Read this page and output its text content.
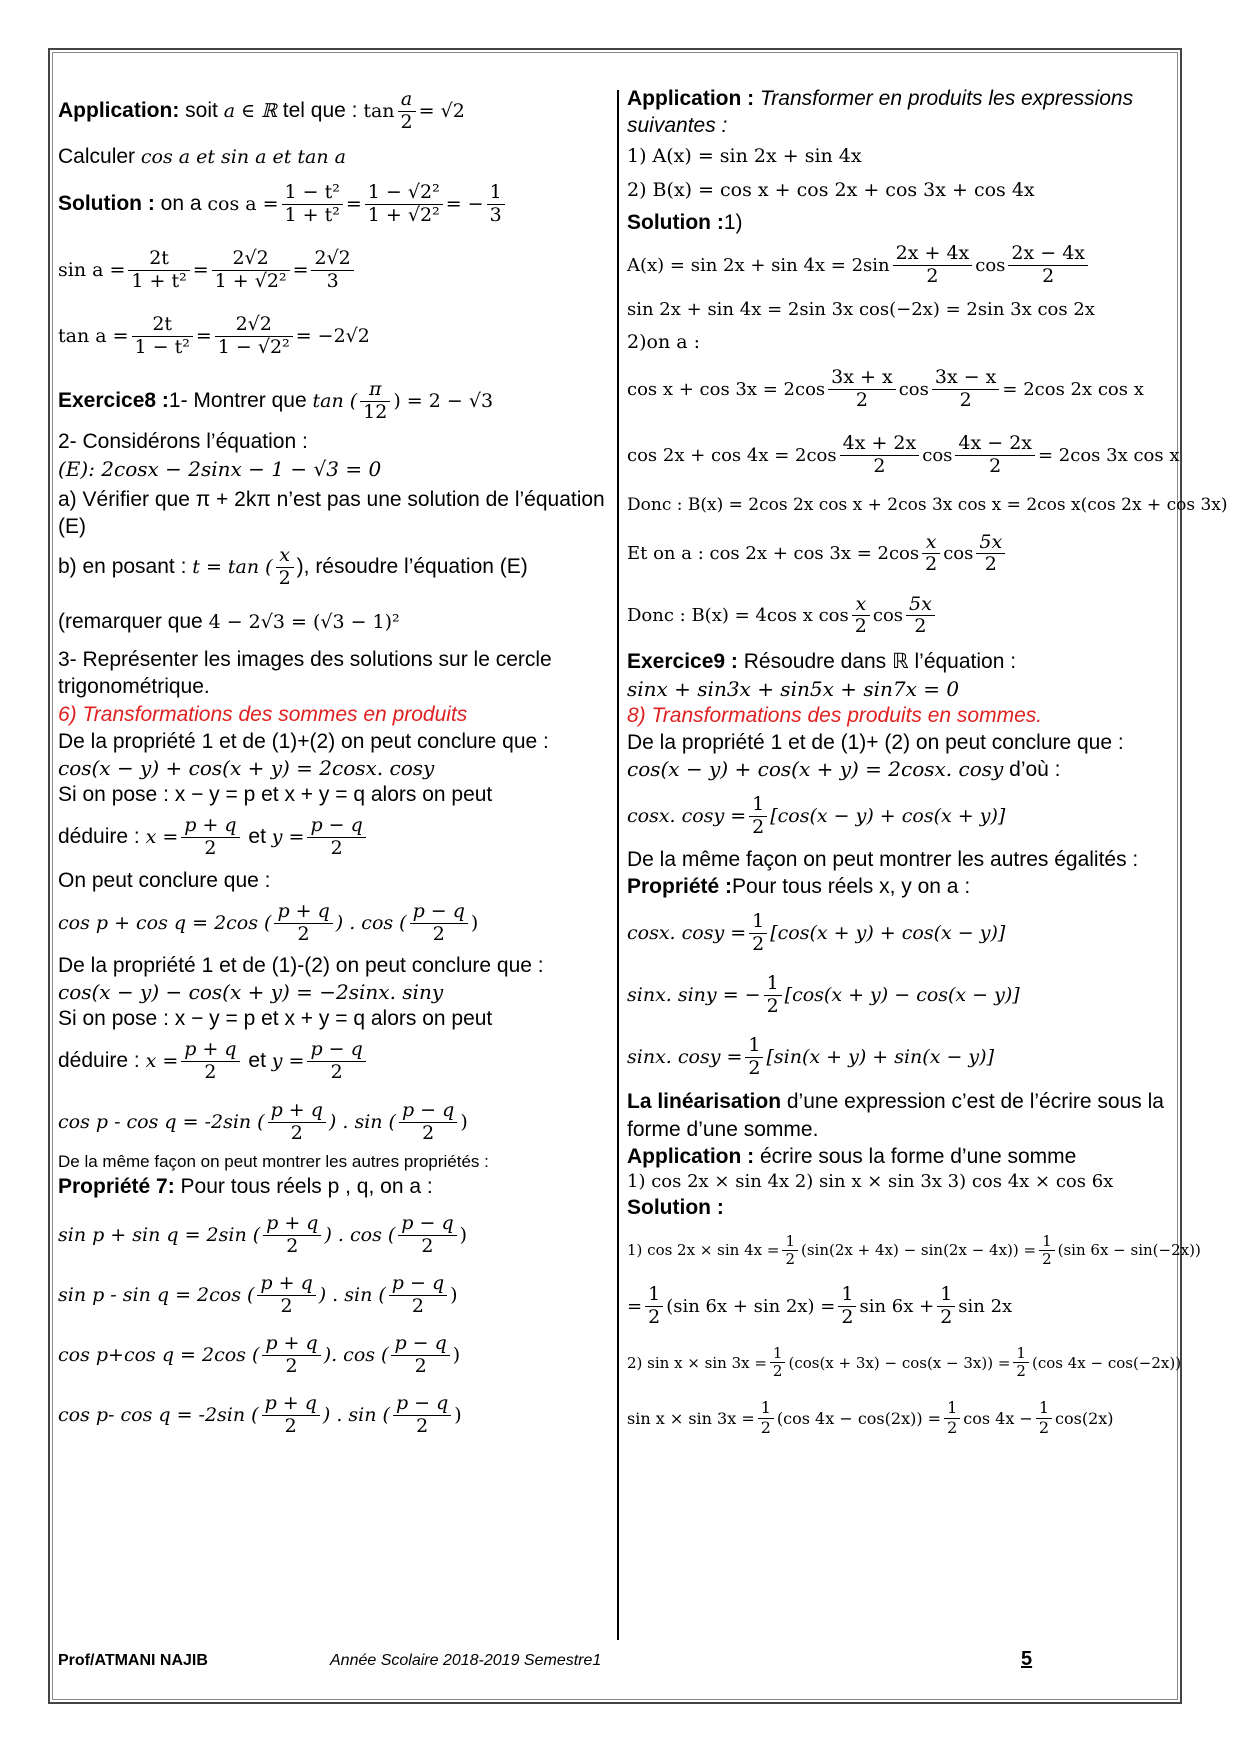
Application: soit a ∈ ℝ tel que : $\tan \frac{a}{2} = √2$
Calculer cos a et sin a et tan a
Solution : on a $\cos a = \frac{\text{1 − t²}}{\text{1 + t²}} = \frac{\text{1 − √2²}}{\text{1 + √2²}}$ = − $\frac{1}{3}$
$\sin a = \frac{2t}{\text{1 + t²}} = \frac{2√2}{\text{1 + √2²}} = \frac{2√2}{3}$
$\tan a = \frac{2t}{\text{1 − t²}} = \frac{2√2}{\text{1 − √2²}} = -2√2$
Exercice8 :1- Montrer que tan ( $\frac{\pi}{12}$ ) = 2 − √3
2- Considérons l’équation :
(E): 2cosx − 2sinx − 1 − √3 = 0
a) Vérifier que π + 2kπ n’est pas une solution de l’équation (E)
b) en posant : t = tan ( $\frac{x}{2}$ ), résoudre l’équation (E)
(remarquer que 4 − 2√3 = (√3 − 1)²
3- Représenter les images des solutions sur le cercle trigonométrique.
6) Transformations des sommes en produits
De la propriété 1 et de (1)+(2) on peut conclure que :
cos(x − y) + cos(x + y) = 2cosx. cosy
Si on pose : x − y = p et x + y = q alors on peut
déduire : $x = \frac{p + q}{2}$ et $y = \frac{p - q}{2}$
On peut conclure que :
cos p + cos q = 2cos ( $\frac{p + q}{2}$ ) . cos ( $\frac{p - q}{2}$ )
De la propriété 1 et de (1)-(2) on peut conclure que :
cos(x − y) − cos(x + y) = −2sinx. siny
Si on pose : x − y = p et x + y = q alors on peut
déduire : $x = \frac{p + q}{2}$ et $y = \frac{p - q}{2}$
cos p - cos q = -2sin ( $\frac{p + q}{2}$ ) . sin ( $\frac{p - q}{2}$ )
De la même façon on peut montrer les autres propriétés :
Propriété 7: Pour tous réels p , q, on a :
sin p + sin q = 2sin ( $\frac{p + q}{2}$ ) . cos ( $\frac{p - q}{2}$ )
sin p - sin q = 2cos ( $\frac{p + q}{2}$ ) . sin ( $\frac{p - q}{2}$ )
cos p+cos q = 2cos ( $\frac{p + q}{2}$ ). cos ( $\frac{p - q}{2}$ )
cos p- cos q = -2sin ( $\frac{p + q}{2}$ ) . sin ( $\frac{p - q}{2}$ )
Application : Transformer en produits les expressions suivantes :
1) A(x) = sin 2x + sin 4x
2) B(x) = cos x + cos 2x + cos 3x + cos 4x
Solution :1)
$A(x) = \sin 2x + \sin 4x = 2\sin \frac{2x + 4x}{2}$ $\cos \frac{2x - 4x}{2}$
sin 2x + sin 4x = 2sin 3x cos(−2x) = 2sin 3x cos 2x
2)on a :
$\cos x + \cos 3x = 2\cos \frac{3x + x}{2}$ $\cos \frac{3x - x}{2} = 2\cos$ 2x cos x
$\cos 2x + \cos 4x = 2\cos \frac{4x + 2x}{2}$ $\cos \frac{4x - 2x}{2} = 2\cos$ 3x cos x
Donc : B(x) = 2cos 2x cos x + 2cos 3x cos x = 2cos x(cos 2x + cos 3x)
Et on a : $\cos 2x + \cos 3x = 2\cos \frac{x}{2}$ $\cos \frac{5x}{2}$
Donc : B(x) = 4cos x $\cos \frac{x}{2}$ $\cos \frac{5x}{2}$
Exercice9 : Résoudre dans ℝ l’équation :
sinx + sin3x + sin5x + sin7x = 0
8) Transformations des produits en sommes.
De la propriété 1 et de (1)+ (2) on peut conclure que :
cos(x − y) + cos(x + y) = 2cosx. cosy d’où :
cosx. $\cos y = \frac{1}{2} [\cos(x - y) + \cos(x + y)]$
De la même façon on peut montrer les autres égalités :
Propriété :Pour tous réels x, y on a :
cosx. $\cos y = \frac{1}{2} [\cos(x + y) + \cos(x - y)]$
sinx. siny = − $\frac{1}{2} [\cos(x + y) - \cos(x - y)]$
sinx. $\cos y = \frac{1}{2} [\sin(x + y) + \sin(x - y)]$
La linéarisation d’une expression c’est de l’écrire sous la forme d’une somme.
Application : écrire sous la forme d’une somme
1) cos 2x × sin 4x 2) sin x × sin 3x 3) cos 4x × cos 6x
Solution :
1) $\cos 2x \times \sin 4x = \frac{1}{2} (\sin(2x + 4x) - \sin(2x - 4x)) = \frac{1}{2} (\sin$ 6x − sin(−2x))
= $\frac{1}{2} (\sin$ $6x + \sin 2x) = \frac{1}{2}$ $\sin 6x + \frac{1}{2}$ sin 2x
2) $\sin x \times \sin 3x = \frac{1}{2} (\cos(x + 3x) - \cos(x - 3x)) = \frac{1}{2} (\cos$ 4x − cos(−2x))
$\sin x \times \sin 3x = \frac{1}{2} (\cos$ $4x - \cos(2x)) = \frac{1}{2}$ $\cos 4x - \frac{1}{2} \cos(2x)$
Prof/ATMANI NAJIB	Année Scolaire 2018-2019 Semestre1	5
